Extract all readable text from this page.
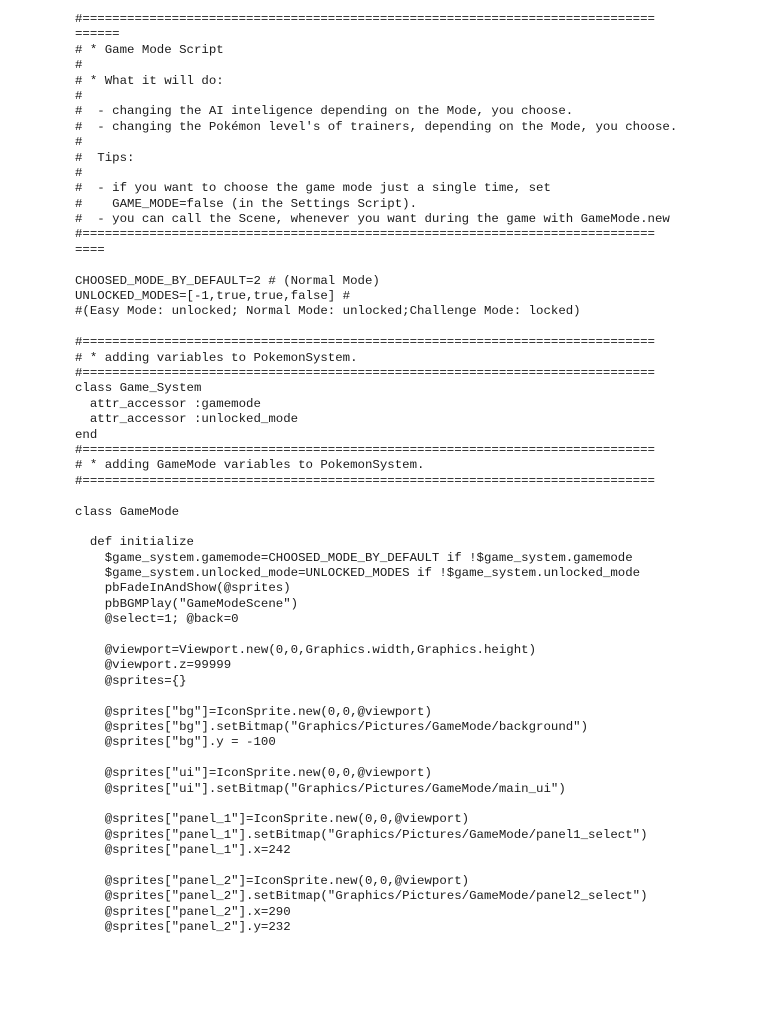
#=============================================================================
======
# * Game Mode Script
#
# * What it will do:
#
#  - changing the AI inteligence depending on the Mode, you choose.
#  - changing the Pokémon level's of trainers, depending on the Mode, you choose.
#
#  Tips:
#
#  - if you want to choose the game mode just a single time, set
#    GAME_MODE=false (in the Settings Script).
#  - you can call the Scene, whenever you want during the game with GameMode.new
#=============================================================================
====
CHOOSED_MODE_BY_DEFAULT=2 # (Normal Mode)
UNLOCKED_MODES=[-1,true,true,false] #
#(Easy Mode: unlocked; Normal Mode: unlocked;Challenge Mode: locked)
#=============================================================================
# * adding variables to PokemonSystem.
#=============================================================================
class Game_System
attr_accessor :gamemode
attr_accessor :unlocked_mode
end
#=============================================================================
# * adding GameMode variables to PokemonSystem.
#=============================================================================
class GameMode
def initialize
$game_system.gamemode=CHOOSED_MODE_BY_DEFAULT if !$game_system.gamemode
$game_system.unlocked_mode=UNLOCKED_MODES if !$game_system.unlocked_mode
pbFadeInAndShow(@sprites)
pbBGMPlay("GameModeScene")
@select=1; @back=0
@viewport=Viewport.new(0,0,Graphics.width,Graphics.height)
@viewport.z=99999
@sprites={}
@sprites["bg"]=IconSprite.new(0,0,@viewport)
@sprites["bg"].setBitmap("Graphics/Pictures/GameMode/background")
@sprites["bg"].y = -100
@sprites["ui"]=IconSprite.new(0,0,@viewport)
@sprites["ui"].setBitmap("Graphics/Pictures/GameMode/main_ui")
@sprites["panel_1"]=IconSprite.new(0,0,@viewport)
@sprites["panel_1"].setBitmap("Graphics/Pictures/GameMode/panel1_select")
@sprites["panel_1"].x=242
@sprites["panel_2"]=IconSprite.new(0,0,@viewport)
@sprites["panel_2"].setBitmap("Graphics/Pictures/GameMode/panel2_select")
@sprites["panel_2"].x=290
@sprites["panel_2"].y=232
